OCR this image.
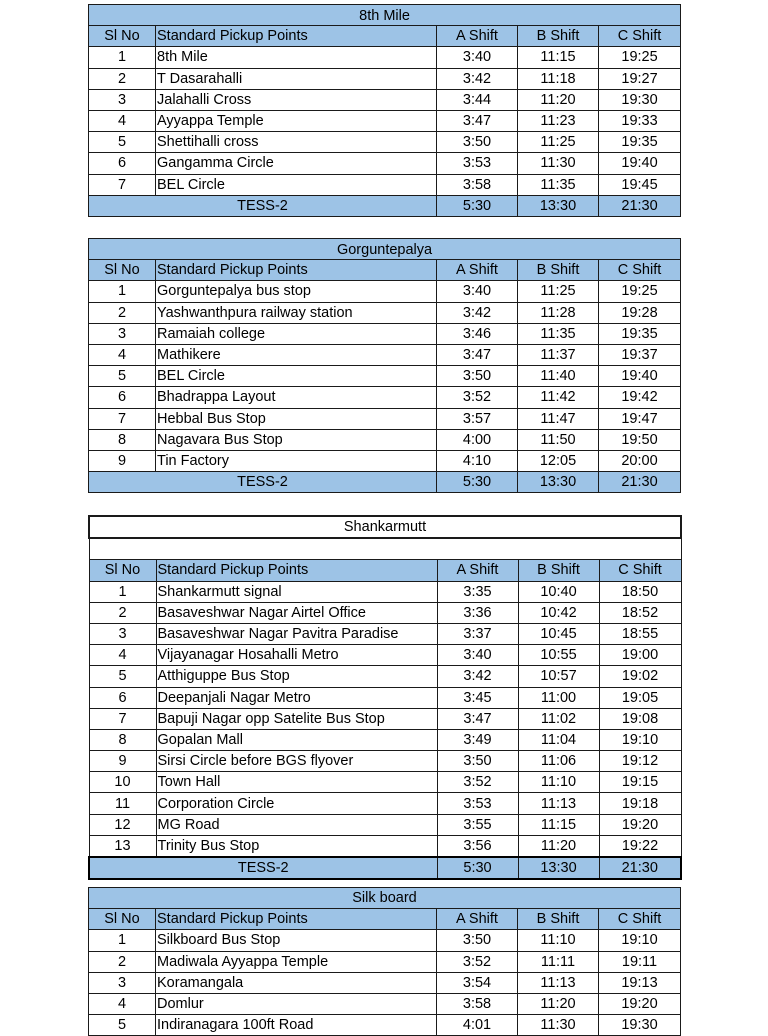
8th Mile				
Sl No	Standard Pickup Points	A Shift	B Shift	C Shift
1	8th Mile	3:40	11:15	19:25
2	T Dasarahalli	3:42	11:18	19:27
3	Jalahalli Cross	3:44	11:20	19:30
4	Ayyappa Temple	3:47	11:23	19:33
5	Shettihalli cross	3:50	11:25	19:35
6	Gangamma Circle	3:53	11:30	19:40
7	BEL Circle	3:58	11:35	19:45
TESS-2		5:30	13:30	21:30
Gorguntepalya				
Sl No	Standard Pickup Points	A Shift	B Shift	C Shift
1	Gorguntepalya bus stop	3:40	11:25	19:25
2	Yashwanthpura railway station	3:42	11:28	19:28
3	Ramaiah college	3:46	11:35	19:35
4	Mathikere	3:47	11:37	19:37
5	BEL Circle	3:50	11:40	19:40
6	Bhadrappa Layout	3:52	11:42	19:42
7	Hebbal Bus Stop	3:57	11:47	19:47
8	Nagavara Bus Stop	4:00	11:50	19:50
9	Tin Factory	4:10	12:05	20:00
TESS-2		5:30	13:30	21:30
Shankarmutt				

Sl No	Standard Pickup Points	A Shift	B Shift	C Shift
1	Shankarmutt signal	3:35	10:40	18:50
2	Basaveshwar Nagar Airtel Office	3:36	10:42	18:52
3	Basaveshwar Nagar Pavitra Paradise	3:37	10:45	18:55
4	Vijayanagar Hosahalli Metro	3:40	10:55	19:00
5	Atthiguppe Bus Stop	3:42	10:57	19:02
6	Deepanjali Nagar Metro	3:45	11:00	19:05
7	Bapuji Nagar opp Satelite Bus Stop	3:47	11:02	19:08
8	Gopalan Mall	3:49	11:04	19:10
9	Sirsi Circle before BGS flyover	3:50	11:06	19:12
10	Town Hall	3:52	11:10	19:15
11	Corporation Circle	3:53	11:13	19:18
12	MG Road	3:55	11:15	19:20
13	Trinity Bus Stop	3:56	11:20	19:22
TESS-2		5:30	13:30	21:30
Silk board				
Sl No	Standard Pickup Points	A Shift	B Shift	C Shift
1	Silkboard Bus Stop	3:50	11:10	19:10
2	Madiwala Ayyappa Temple	3:52	11:11	19:11
3	Koramangala	3:54	11:13	19:13
4	Domlur	3:58	11:20	19:20
5	Indiranagara 100ft Road	4:01	11:30	19:30
